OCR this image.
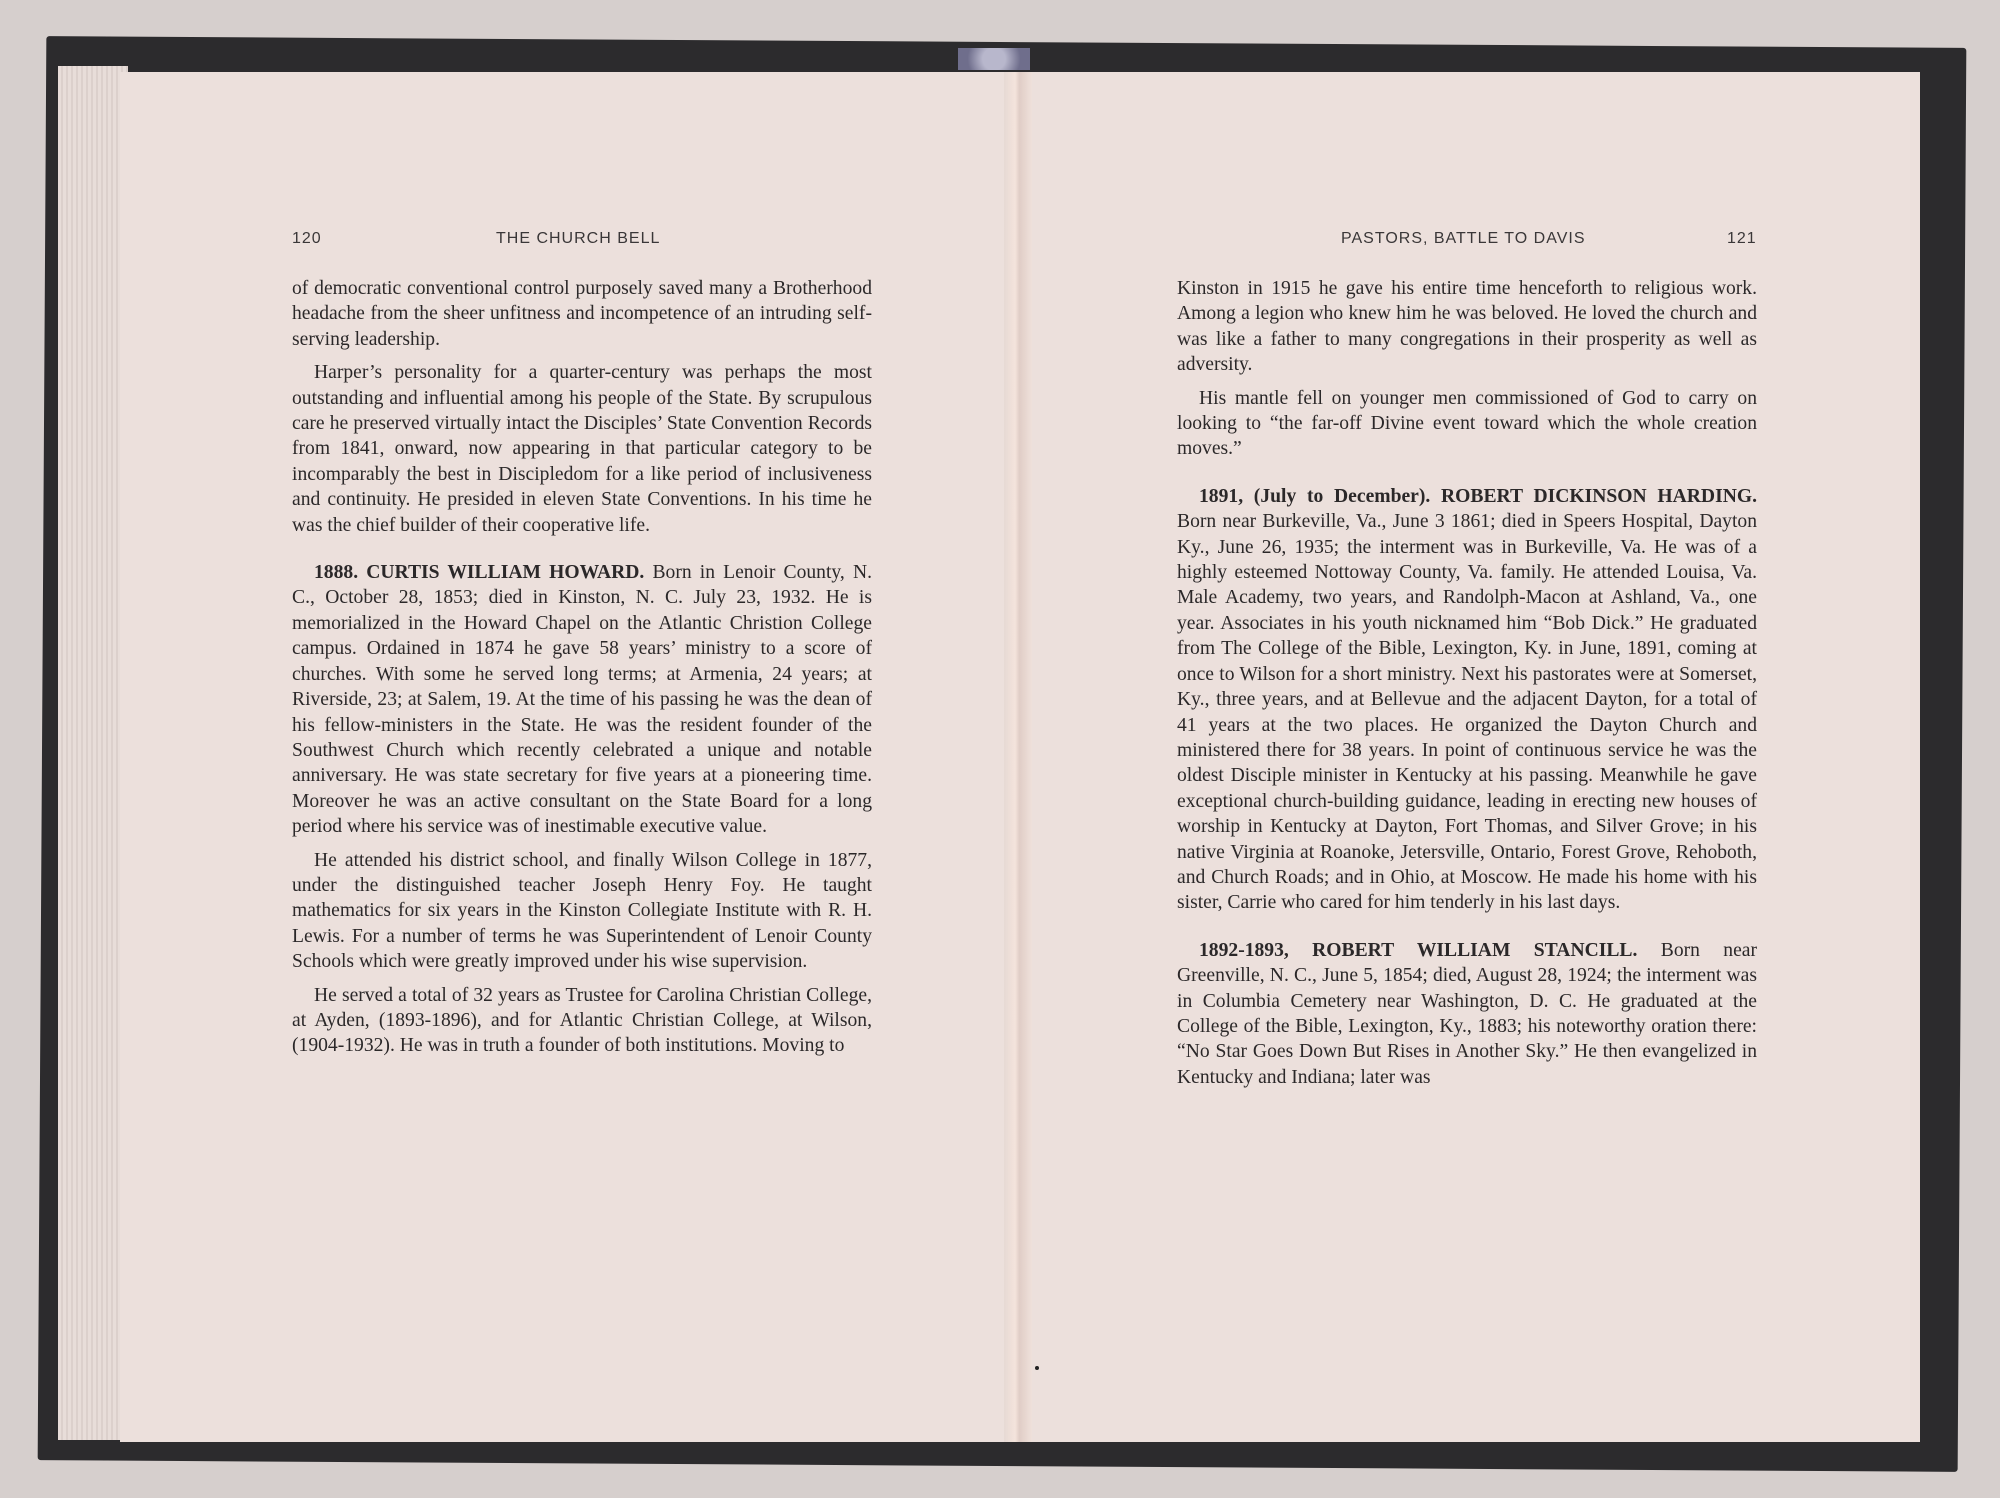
120	THE CHURCH BELL

of democratic conventional control purposely saved many a Brotherhood headache from the sheer unfitness and incompetence of an intruding self-serving leadership.

Harper’s personality for a quarter-century was perhaps the most outstanding and influential among his people of the State. By scrupulous care he preserved virtually intact the Disciples’ State Convention Records from 1841, onward, now appearing in that particular category to be incomparably the best in Discipledom for a like period of inclusiveness and continuity. He presided in eleven State Conventions. In his time he was the chief builder of their cooperative life.

1888. CURTIS WILLIAM HOWARD. Born in Lenoir County, N. C., October 28, 1853; died in Kinston, N. C. July 23, 1932. He is memorialized in the Howard Chapel on the Atlantic Christion College campus. Ordained in 1874 he gave 58 years’ ministry to a score of churches. With some he served long terms; at Armenia, 24 years; at Riverside, 23; at Salem, 19. At the time of his passing he was the dean of his fellow-ministers in the State. He was the resident founder of the Southwest Church which recently celebrated a unique and notable anniversary. He was state secretary for five years at a pioneering time. Moreover he was an active consultant on the State Board for a long period where his service was of inestimable executive value.

He attended his district school, and finally Wilson College in 1877, under the distinguished teacher Joseph Henry Foy. He taught mathematics for six years in the Kinston Collegiate Institute with R. H. Lewis. For a number of terms he was Superintendent of Lenoir County Schools which were greatly improved under his wise supervision.

He served a total of 32 years as Trustee for Carolina Christian College, at Ayden, (1893-1896), and for Atlantic Christian College, at Wilson, (1904-1932). He was in truth a founder of both institutions. Moving to

PASTORS, BATTLE TO DAVIS	121

Kinston in 1915 he gave his entire time henceforth to religious work. Among a legion who knew him he was beloved. He loved the church and was like a father to many congregations in their prosperity as well as adversity.

His mantle fell on younger men commissioned of God to carry on looking to “the far-off Divine event toward which the whole creation moves.”

1891, (July to December). ROBERT DICKINSON HARDING. Born near Burkeville, Va., June 3 1861; died in Speers Hospital, Dayton Ky., June 26, 1935; the interment was in Burkeville, Va. He was of a highly esteemed Nottoway County, Va. family. He attended Louisa, Va. Male Academy, two years, and Randolph-Macon at Ashland, Va., one year. Associates in his youth nicknamed him “Bob Dick.” He graduated from The College of the Bible, Lexington, Ky. in June, 1891, coming at once to Wilson for a short ministry. Next his pastorates were at Somerset, Ky., three years, and at Bellevue and the adjacent Dayton, for a total of 41 years at the two places. He organized the Dayton Church and ministered there for 38 years. In point of continuous service he was the oldest Disciple minister in Kentucky at his passing. Meanwhile he gave exceptional church-building guidance, leading in erecting new houses of worship in Kentucky at Dayton, Fort Thomas, and Silver Grove; in his native Virginia at Roanoke, Jetersville, Ontario, Forest Grove, Rehoboth, and Church Roads; and in Ohio, at Moscow. He made his home with his sister, Carrie who cared for him tenderly in his last days.

1892-1893, ROBERT WILLIAM STANCILL. Born near Greenville, N. C., June 5, 1854; died, August 28, 1924; the interment was in Columbia Cemetery near Washington, D. C. He graduated at the College of the Bible, Lexington, Ky., 1883; his noteworthy oration there: “No Star Goes Down But Rises in Another Sky.” He then evangelized in Kentucky and Indiana; later was
